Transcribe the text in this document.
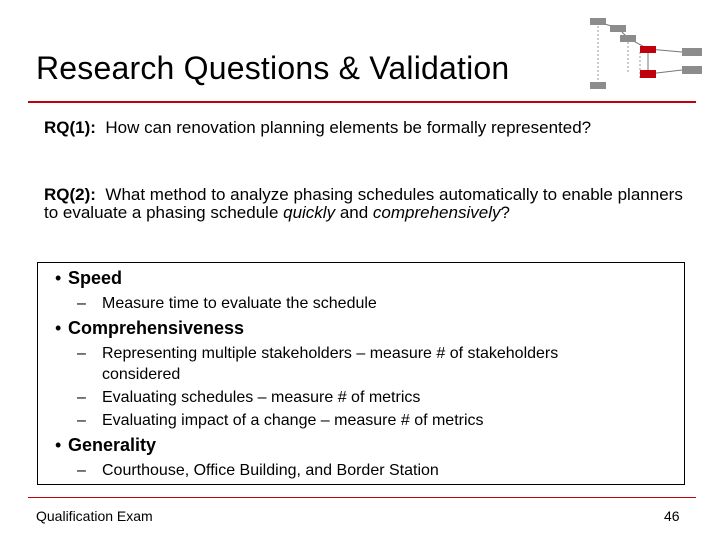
Research Questions & Validation

RQ(1): How can renovation planning elements be formally represented?

RQ(2): What method to analyze phasing schedules automatically to enable planners to evaluate a phasing schedule quickly and comprehensively?

• Speed
–	Measure time to evaluate the schedule
• Comprehensiveness
–	Representing multiple stakeholders – measure # of stakeholders considered
–	Evaluating schedules – measure # of metrics
–	Evaluating impact of a change – measure # of metrics
• Generality
–	Courthouse, Office Building, and Border Station
Qualification Exam	46
